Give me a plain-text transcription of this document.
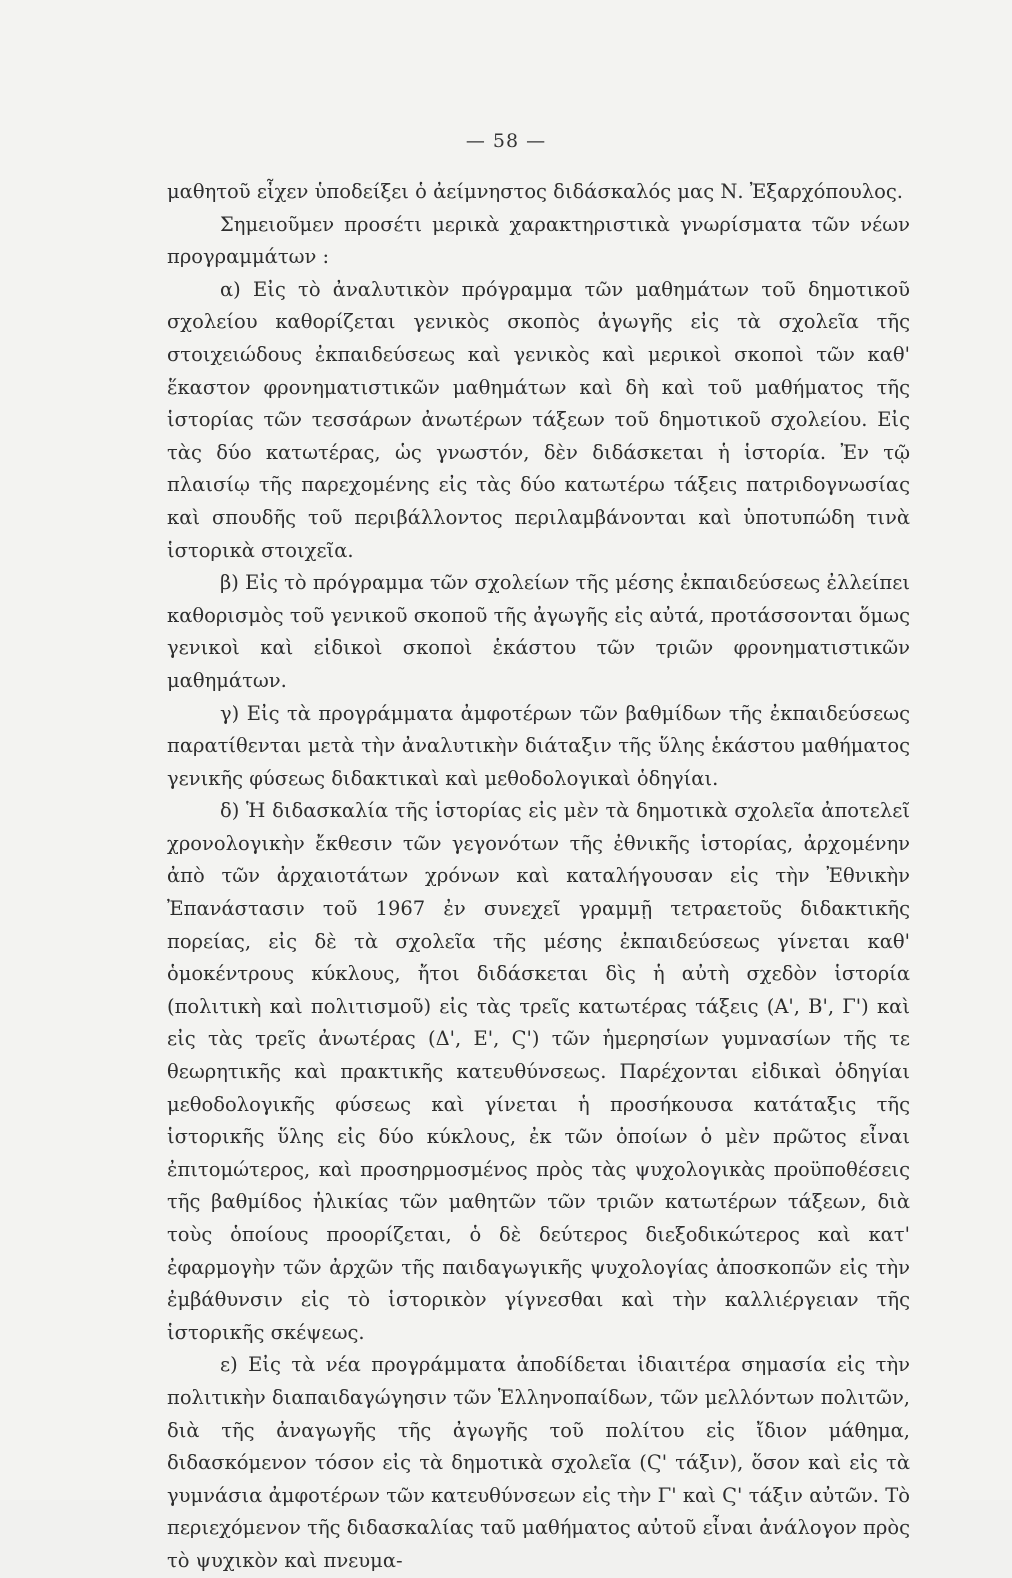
— 58 —

μαθητοῦ εἶχεν ὑποδείξει ὁ ἀείμνηστος διδάσκαλός μας Ν. Ἐξαρχόπουλος.

Σημειοῦμεν προσέτι μερικὰ χαρακτηριστικὰ γνωρίσματα τῶν νέων προγραμμάτων :

α) Εἰς τὸ ἀναλυτικὸν πρόγραμμα τῶν μαθημάτων τοῦ δημοτικοῦ σχολείου καθορίζεται γενικὸς σκοπὸς ἀγωγῆς εἰς τὰ σχολεῖα τῆς στοιχειώδους ἐκπαιδεύσεως καὶ γενικὸς καὶ μερικοὶ σκοποὶ τῶν καθ' ἕκαστον φρονηματιστικῶν μαθημάτων καὶ δὴ καὶ τοῦ μαθήματος τῆς ἱστορίας τῶν τεσσάρων ἀνωτέρων τάξεων τοῦ δημοτικοῦ σχολείου. Εἰς τὰς δύο κατωτέρας, ὡς γνωστόν, δὲν διδάσκεται ἡ ἱστορία. Ἐν τῷ πλαισίῳ τῆς παρεχομένης εἰς τὰς δύο κατωτέρω τάξεις πατριδογνωσίας καὶ σπουδῆς τοῦ περιβάλλοντος περιλαμβάνονται καὶ ὑποτυπώδη τινὰ ἱστορικὰ στοιχεῖα.

β) Εἰς τὸ πρόγραμμα τῶν σχολείων τῆς μέσης ἐκπαιδεύσεως ἐλλείπει καθορισμὸς τοῦ γενικοῦ σκοποῦ τῆς ἀγωγῆς εἰς αὐτά, προτάσσονται ὅμως γενικοὶ καὶ εἰδικοὶ σκοποὶ ἑκάστου τῶν τριῶν φρονηματιστικῶν μαθημάτων.

γ) Εἰς τὰ προγράμματα ἀμφοτέρων τῶν βαθμίδων τῆς ἐκπαιδεύσεως παρατίθενται μετὰ τὴν ἀναλυτικὴν διάταξιν τῆς ὕλης ἑκάστου μαθήματος γενικῆς φύσεως διδακτικαὶ καὶ μεθοδολογικαὶ ὁδηγίαι.

δ) Ἡ διδασκαλία τῆς ἱστορίας εἰς μὲν τὰ δημοτικὰ σχολεῖα ἀποτελεῖ χρονολογικὴν ἔκθεσιν τῶν γεγονότων τῆς ἐθνικῆς ἱστορίας, ἀρχομένην ἀπὸ τῶν ἀρχαιοτάτων χρόνων καὶ καταλήγουσαν εἰς τὴν Ἐθνικὴν Ἐπανάστασιν τοῦ 1967 ἐν συνεχεῖ γραμμῇ τετραετοῦς διδακτικῆς πορείας, εἰς δὲ τὰ σχολεῖα τῆς μέσης ἐκπαιδεύσεως γίνεται καθ' ὁμοκέντρους κύκλους, ἤτοι διδάσκεται δὶς ἡ αὐτὴ σχεδὸν ἱστορία (πολιτικὴ καὶ πολιτισμοῦ) εἰς τὰς τρεῖς κατωτέρας τάξεις (Α', Β', Γ') καὶ εἰς τὰς τρεῖς ἀνωτέρας (Δ', Ε', Ϛ') τῶν ἡμερησίων γυμνασίων τῆς τε θεωρητικῆς καὶ πρακτικῆς κατευθύνσεως. Παρέχονται εἰδικαὶ ὁδηγίαι μεθοδολογικῆς φύσεως καὶ γίνεται ἡ προσήκουσα κατάταξις τῆς ἱστορικῆς ὕλης εἰς δύο κύκλους, ἐκ τῶν ὁποίων ὁ μὲν πρῶτος εἶναι ἐπιτομώτερος, καὶ προσηρμοσμένος πρὸς τὰς ψυχολογικὰς προϋποθέσεις τῆς βαθμίδος ἡλικίας τῶν μαθητῶν τῶν τριῶν κατωτέρων τάξεων, διὰ τοὺς ὁποίους προορίζεται, ὁ δὲ δεύτερος διεξοδικώτερος καὶ κατ' ἐφαρμογὴν τῶν ἀρχῶν τῆς παιδαγωγικῆς ψυχολογίας ἀποσκοπῶν εἰς τὴν ἐμβάθυνσιν εἰς τὸ ἱστορικὸν γίγνεσθαι καὶ τὴν καλλιέργειαν τῆς ἱστορικῆς σκέψεως.

ε) Εἰς τὰ νέα προγράμματα ἀποδίδεται ἰδιαιτέρα σημασία εἰς τὴν πολιτικὴν διαπαιδαγώγησιν τῶν Ἑλληνοπαίδων, τῶν μελλόντων πολιτῶν, διὰ τῆς ἀναγωγῆς τῆς ἀγωγῆς τοῦ πολίτου εἰς ἴδιον μάθημα, διδασκόμενον τόσον εἰς τὰ δημοτικὰ σχολεῖα (Ϛ' τάξιν), ὅσον καὶ εἰς τὰ γυμνάσια ἀμφοτέρων τῶν κατευθύνσεων εἰς τὴν Γ' καὶ Ϛ' τάξιν αὐτῶν. Τὸ περιεχόμενον τῆς διδασκαλίας ταῦ μαθήματος αὐτοῦ εἶναι ἀνάλογον πρὸς τὸ ψυχικὸν καὶ πνευμα-
